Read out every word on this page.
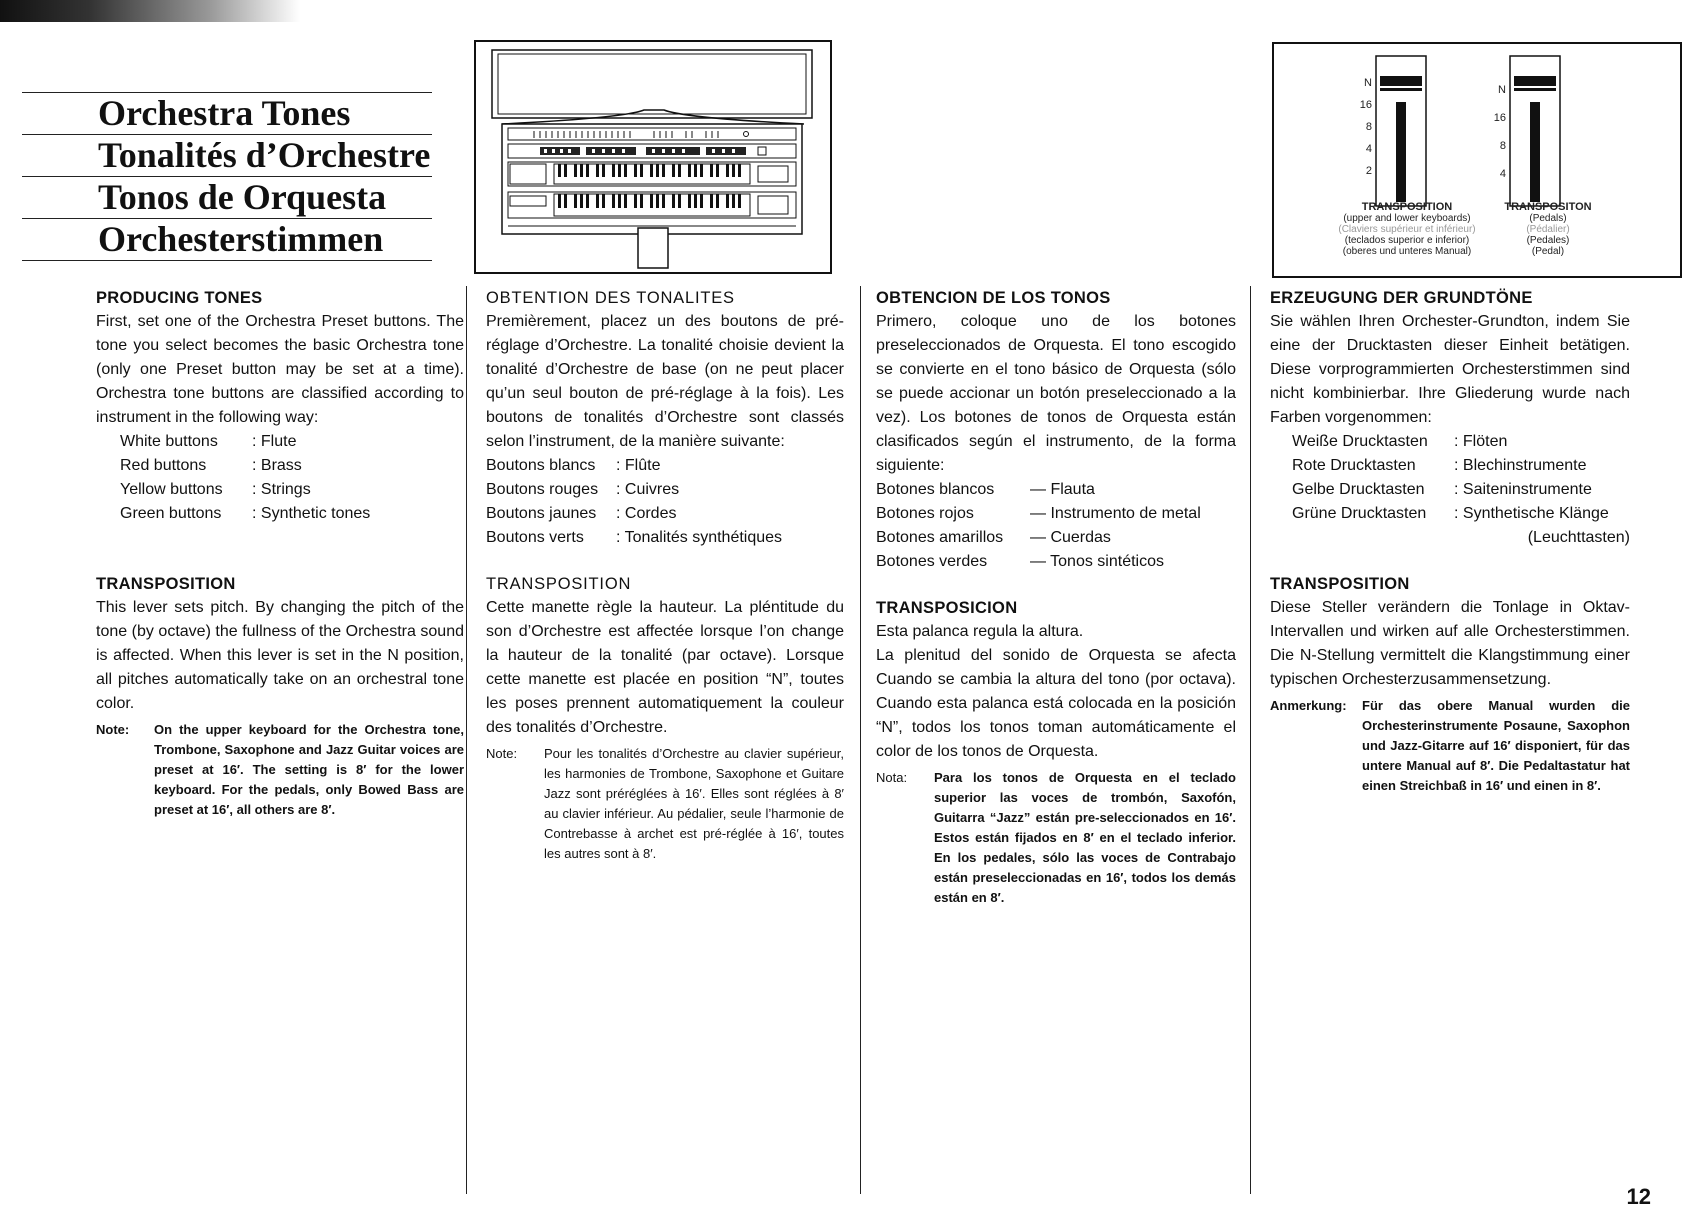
Orchestra Tones
Tonalités d’Orchestre
Tonos de Orquesta
Orchesterstimmen
N
16
8
4
2
N
16
8
4
TRANSPOSITION
(upper and lower keyboards)
(Claviers supérieur et inférieur)
(teclados superior e inferior)
(oberes und unteres Manual)
TRANSPOSITON
(Pedals)
(Pédalier)
(Pedales)
(Pedal)
PRODUCING TONES

First, set one of the Orchestra Preset buttons. The tone you select becomes the basic Orchestra tone (only one Preset button may be set at a time). Orchestra tone buttons are classified according to instrument in the following way:

White buttons	: Flute
Red buttons	: Brass
Yellow buttons	: Strings
Green buttons	: Synthetic tones
TRANSPOSITION

This lever sets pitch. By changing the pitch of the tone (by octave) the fullness of the Orchestra sound is affected. When this lever is set in the N position, all pitches automatically take on an orchestral tone color.

Note:	On the upper keyboard for the Orchestra tone, Trombone, Saxophone and Jazz Guitar voices are preset at 16′. The setting is 8′ for the lower keyboard. For the pedals, only Bowed Bass are preset at 16′, all others are 8′.
OBTENTION DES TONALITES

Premièrement, placez un des boutons de pré-réglage d’Orchestre. La tonalité choisie devient la tonalité d’Orchestre de base (on ne peut placer qu’un seul bouton de pré-réglage à la fois). Les boutons de tonalités d’Orchestre sont classés selon l’instrument, de la manière suivante:

Boutons blancs	: Flûte
Boutons rouges	: Cuivres
Boutons jaunes	: Cordes
Boutons verts	: Tonalités synthétiques
TRANSPOSITION

Cette manette règle la hauteur. La pléntitude du son d’Orchestre est affectée lorsque l’on change la hauteur de la tonalité (par octave). Lorsque cette manette est placée en position “N”, toutes les poses prennent automatiquement la couleur des tonalités d’Orchestre.

Note:	Pour les tonalités d’Orchestre au clavier supérieur, les harmonies de Trombone, Saxophone et Guitare Jazz sont préréglées à 16′. Elles sont réglées à 8′ au clavier inférieur. Au pédalier, seule l’harmonie de Contrebasse à archet est pré-réglée à 16′, toutes les autres sont à 8′.
OBTENCION DE LOS TONOS

Primero, coloque uno de los botones preseleccionados de Orquesta. El tono escogido se convierte en el tono básico de Orquesta (sólo se puede accionar un botón preseleccionado a la vez). Los botones de tonos de Orquesta están clasificados según el instrumento, de la forma siguiente:

Botones blancos	— Flauta
Botones rojos	— Instrumento de metal
Botones amarillos	— Cuerdas
Botones verdes	— Tonos sintéticos
TRANSPOSICION

Esta palanca regula la altura.

La plenitud del sonido de Orquesta se afecta Cuando se cambia la altura del tono (por octava). Cuando esta palanca está colocada en la posición “N”, todos los tonos toman automáticamente el color de los tonos de Orquesta.

Nota:	Para los tonos de Orquesta en el teclado superior las voces de trombón, Saxofón, Guitarra “Jazz” están pre-seleccionados en 16′. Estos están fijados en 8′ en el teclado inferior. En los pedales, sólo las voces de Contrabajo están preseleccionadas en 16′, todos los demás están en 8′.
ERZEUGUNG DER GRUNDTÖNE

Sie wählen Ihren Orchester-Grundton, indem Sie eine der Drucktasten dieser Einheit betätigen. Diese vorprogrammierten Orchesterstimmen sind nicht kombinierbar. Ihre Gliederung wurde nach Farben vorgenommen:

Weiße Drucktasten	: Flöten
Rote Drucktasten	: Blechinstrumente
Gelbe Drucktasten	: Saiteninstrumente
Grüne Drucktasten	: Synthetische Klänge
(Leuchttasten)
TRANSPOSITION

Diese Steller verändern die Tonlage in Oktav-Intervallen und wirken auf alle Orchesterstimmen. Die N-Stellung vermittelt die Klangstimmung einer typischen Orchesterzusammensetzung.

Anmerkung:	Für das obere Manual wurden die Orchesterinstrumente Posaune, Saxophon und Jazz-Gitarre auf 16′ disponiert, für das untere Manual auf 8′. Die Pedaltastatur hat einen Streichbaß in 16′ und einen in 8′.
12
